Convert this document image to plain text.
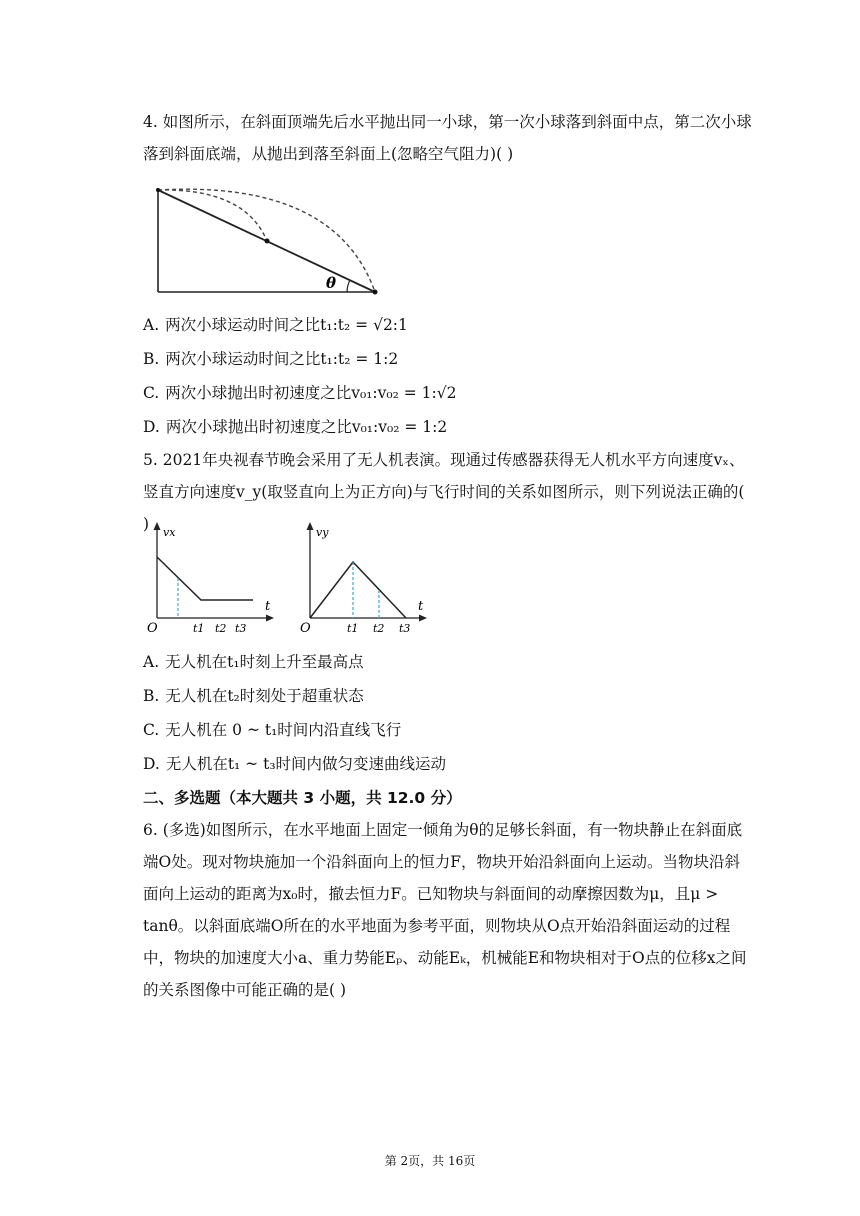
4. 如图所示，在斜面顶端先后水平抛出同一小球，第一次小球落到斜面中点，第二次小球落到斜面底端，从抛出到落至斜面上(忽略空气阻力)( )

θ
A. 两次小球运动时间之比t₁:t₂ = √2:1
B. 两次小球运动时间之比t₁:t₂ = 1:2
C. 两次小球抛出时初速度之比v₀₁:v₀₂ = 1:√2
D. 两次小球抛出时初速度之比v₀₁:v₀₂ = 1:2

5. 2021年央视春节晚会采用了无人机表演。现通过传感器获得无人机水平方向速度vₓ、竖直方向速度v_y(取竖直向上为正方向)与飞行时间的关系如图所示，则下列说法正确的( )	vx
t
O	t1 t2 t3
vy
t
O	t1 t2 t3
A. 无人机在t₁时刻上升至最高点
B. 无人机在t₂时刻处于超重状态
C. 无人机在 0 ~ t₁时间内沿直线飞行
D. 无人机在t₁ ~ t₃时间内做匀变速曲线运动
二、多选题（本大题共 3 小题，共 12.0 分）

6. (多选)如图所示，在水平地面上固定一倾角为θ的足够长斜面，有一物块静止在斜面底端O处。现对物块施加一个沿斜面向上的恒力F，物块开始沿斜面向上运动。当物块沿斜面向上运动的距离为x₀时，撤去恒力F。已知物块与斜面间的动摩擦因数为μ，且μ > tanθ。以斜面底端O所在的水平地面为参考平面，则物块从O点开始沿斜面运动的过程中，物块的加速度大小a、重力势能Eₚ、动能Eₖ，机械能E和物块相对于O点的位移x之间的关系图像中可能正确的是( )

第 2页，共 16页
